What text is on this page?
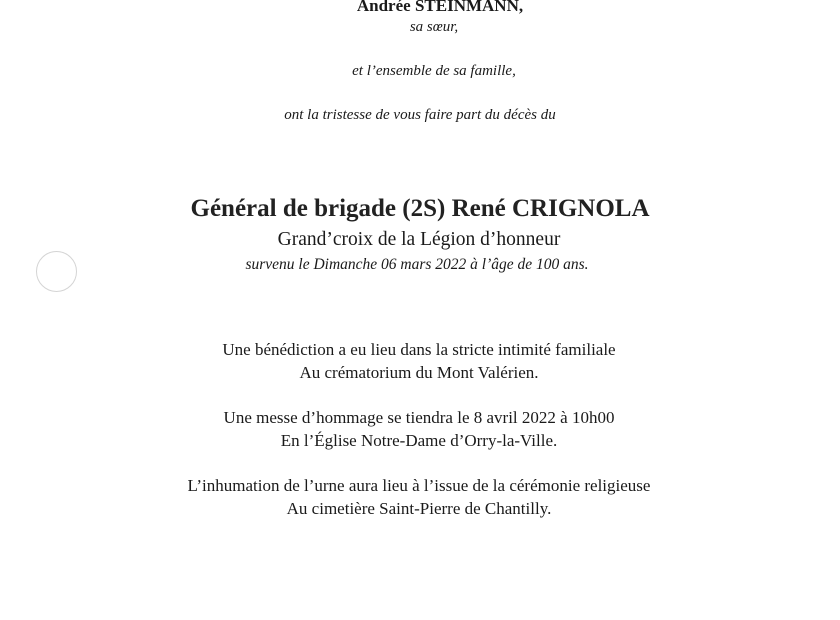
Andrée STEINMANN,
sa sœur,
et l’ensemble de sa famille,
ont la tristesse de vous faire part du décès du
Général de brigade (2S) René CRIGNOLA
Grand’croix de la Légion d’honneur
survenu le Dimanche 06 mars 2022 à l’âge de 100 ans.
Une bénédiction a eu lieu dans la stricte intimité familiale
Au crématorium du Mont Valérien.
Une messe d’hommage se tiendra le 8 avril 2022 à 10h00
En l’Église Notre-Dame d’Orry-la-Ville.
L’inhumation de l’urne aura lieu à l’issue de la cérémonie religieuse
Au cimetière Saint-Pierre de Chantilly.
